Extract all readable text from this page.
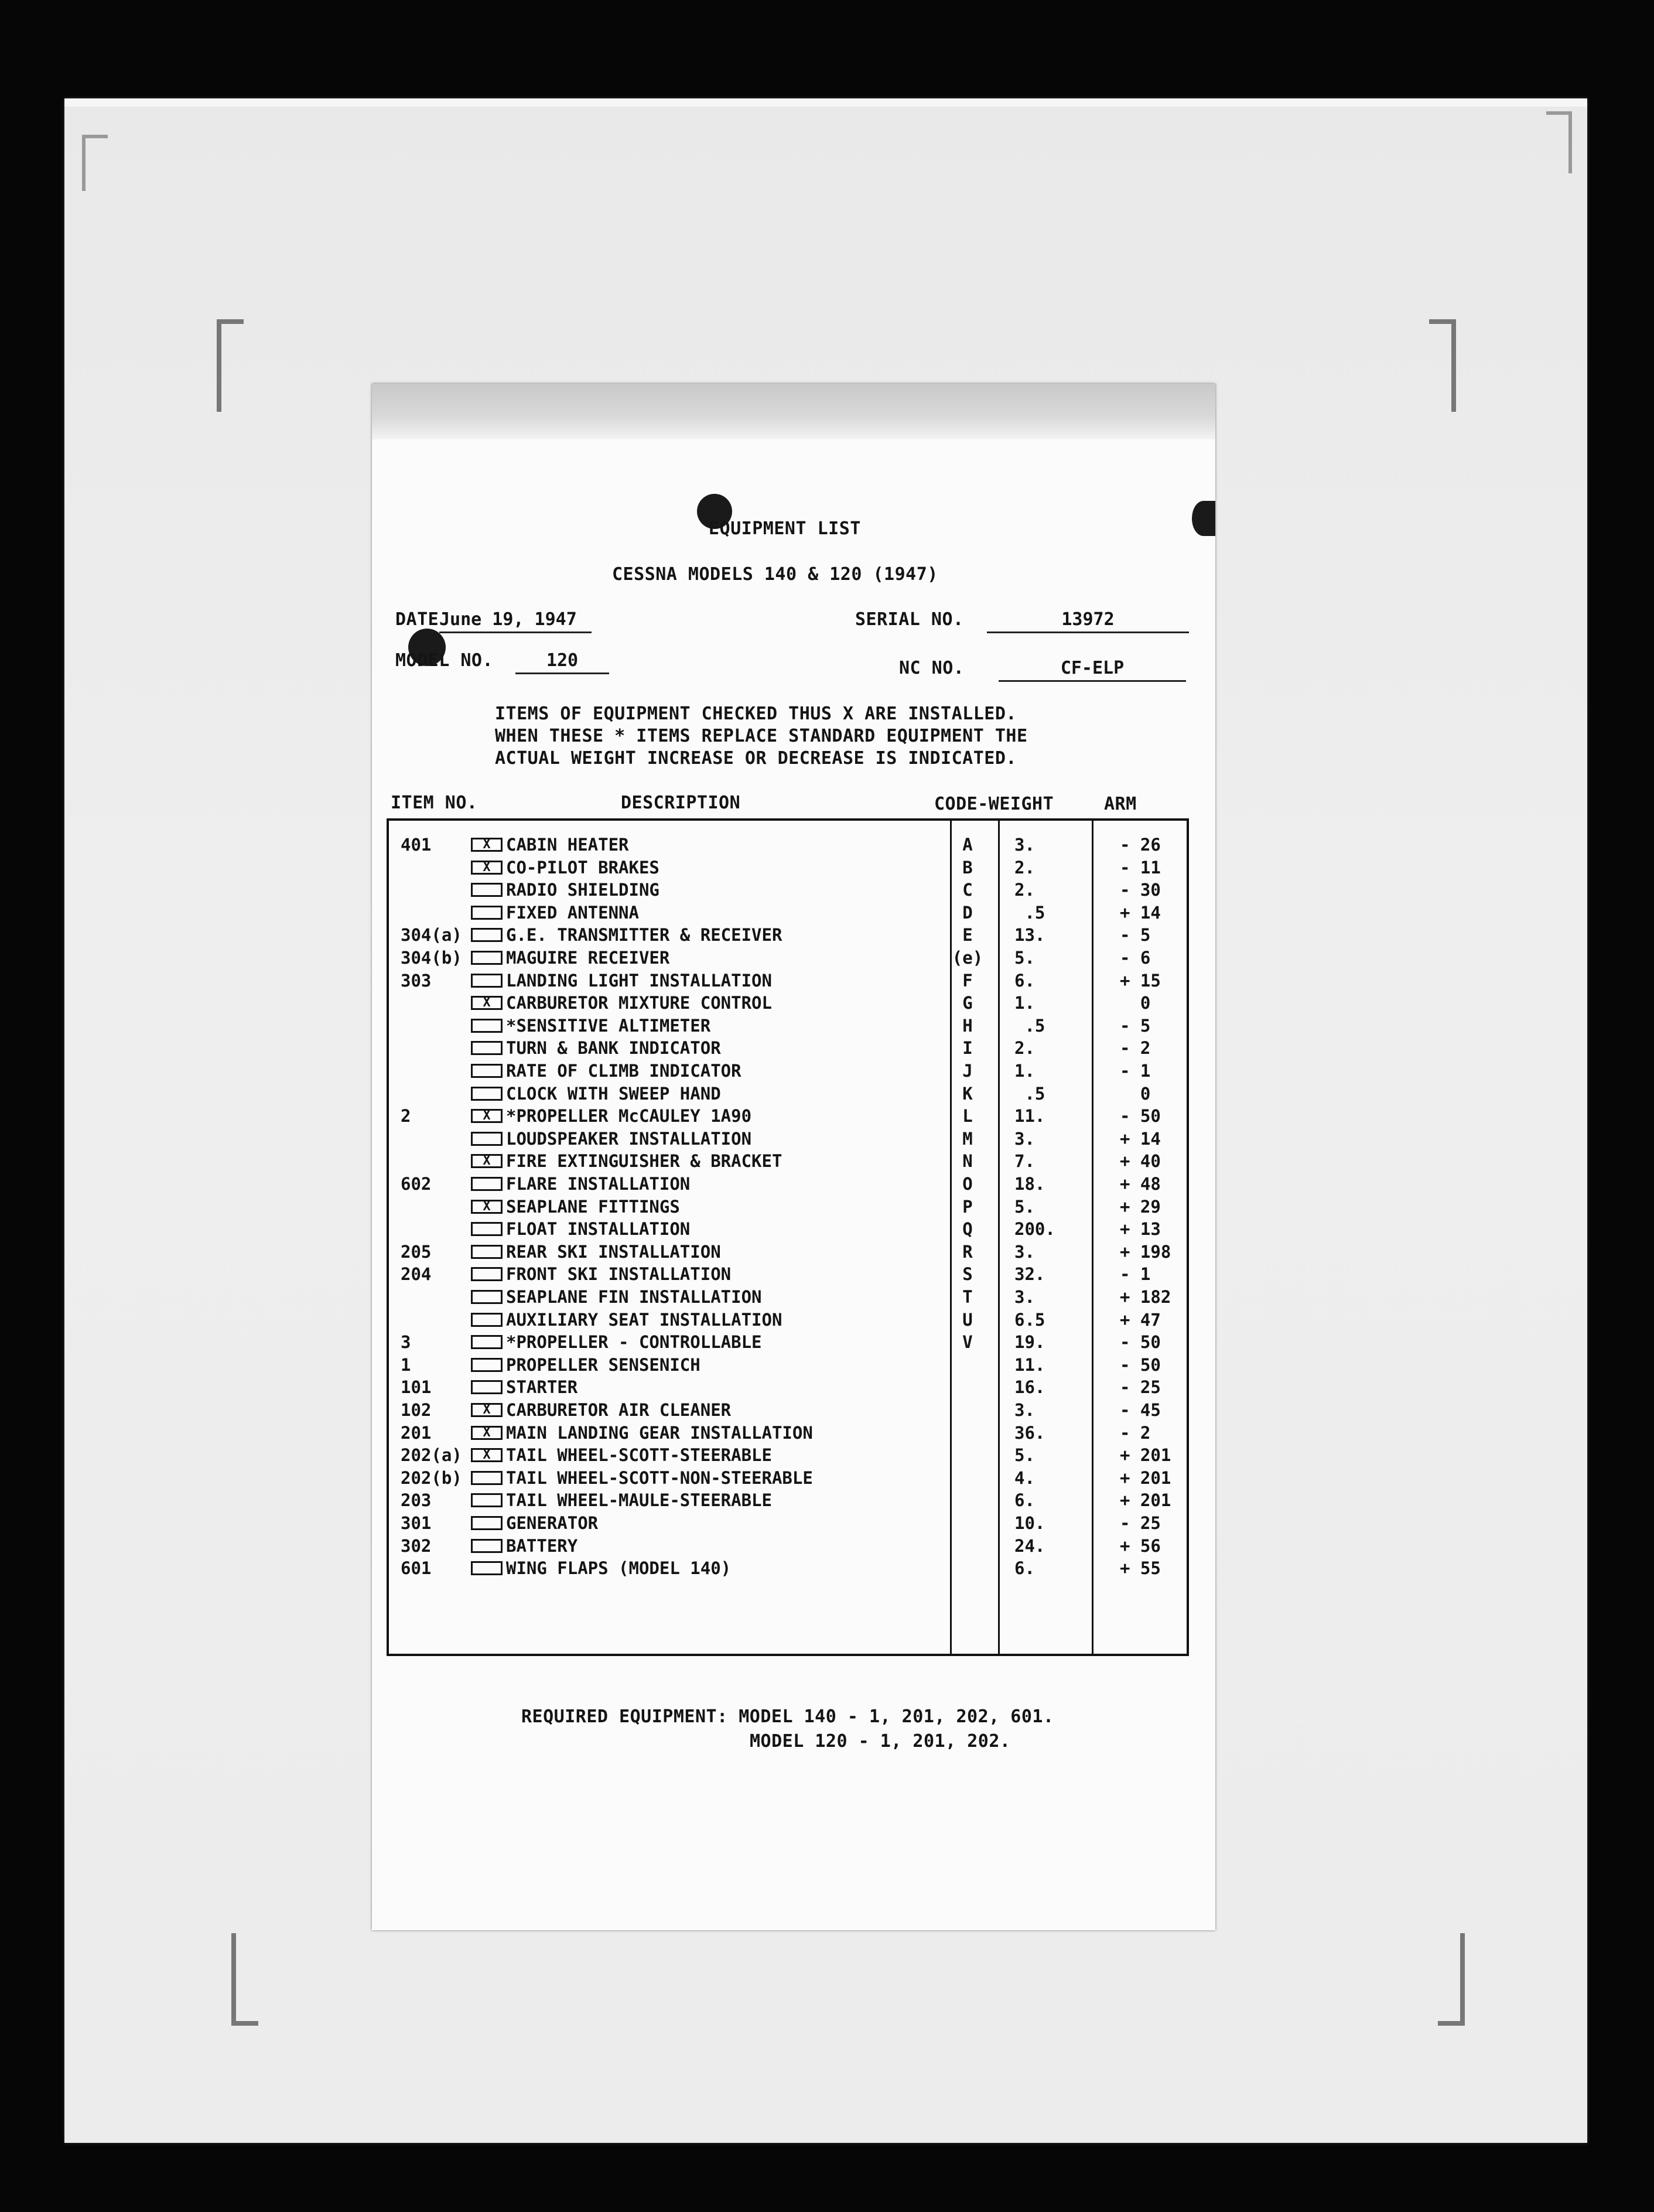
EQUIPMENT LIST
CESSNA MODELS 140 & 120 (1947)
DATE June 19, 1947	SERIAL NO.	13972
MODEL NO.	120	NC NO.	CF-ELP
ITEMS OF EQUIPMENT CHECKED THUS X ARE INSTALLED.
WHEN THESE * ITEMS REPLACE STANDARD EQUIPMENT THE
ACTUAL WEIGHT INCREASE OR DECREASE IS INDICATED.
ITEM NO.	DESCRIPTION	CODE-WEIGHT	ARM
401	X CABIN HEATER	A	3.	- 26
X CO-PILOT BRAKES	B	2.	- 11
RADIO SHIELDING	C	2.	- 30
FIXED ANTENNA	D	.5	+ 14
304(a)	G.E. TRANSMITTER & RECEIVER	E	13.	- 5
304(b)	MAGUIRE RECEIVER	(e) 5.	- 6
303	LANDING LIGHT INSTALLATION	F	6.	+ 15
X CARBURETOR MIXTURE CONTROL	G	1.	0
*SENSITIVE ALTIMETER	H	.5	- 5
TURN & BANK INDICATOR	I	2.	- 2
RATE OF CLIMB INDICATOR	J	1.	- 1
CLOCK WITH SWEEP HAND	K	.5	0
2	X *PROPELLER McCAULEY 1A90	L	11.	- 50
LOUDSPEAKER INSTALLATION	M	3.	+ 14
X FIRE EXTINGUISHER & BRACKET	N	7.	+ 40
602	FLARE INSTALLATION	O	18.	+ 48
X SEAPLANE FITTINGS	P	5.	+ 29
FLOAT INSTALLATION	Q	200.	+ 13
205	REAR SKI INSTALLATION	R	3.	+ 198
204	FRONT SKI INSTALLATION	S	32.	- 1
SEAPLANE FIN INSTALLATION	T	3.	+ 182
AUXILIARY SEAT INSTALLATION	U	6.5	+ 47
3	*PROPELLER - CONTROLLABLE	V	19.	- 50
1	PROPELLER SENSENICH	11.	- 50
101	STARTER	16.	- 25
102	X CARBURETOR AIR CLEANER	3.	- 45
201	X MAIN LANDING GEAR INSTALLATION	36.	- 2
202(a)	X TAIL WHEEL-SCOTT-STEERABLE	5.	+ 201
202(b)	TAIL WHEEL-SCOTT-NON-STEERABLE	4.	+ 201
203	TAIL WHEEL-MAULE-STEERABLE	6.	+ 201
301	GENERATOR	10.	- 25
302	BATTERY	24.	+ 56
601	WING FLAPS (MODEL 140)	6.	+ 55
REQUIRED EQUIPMENT: MODEL 140 - 1, 201, 202, 601.
MODEL 120 - 1, 201, 202.
